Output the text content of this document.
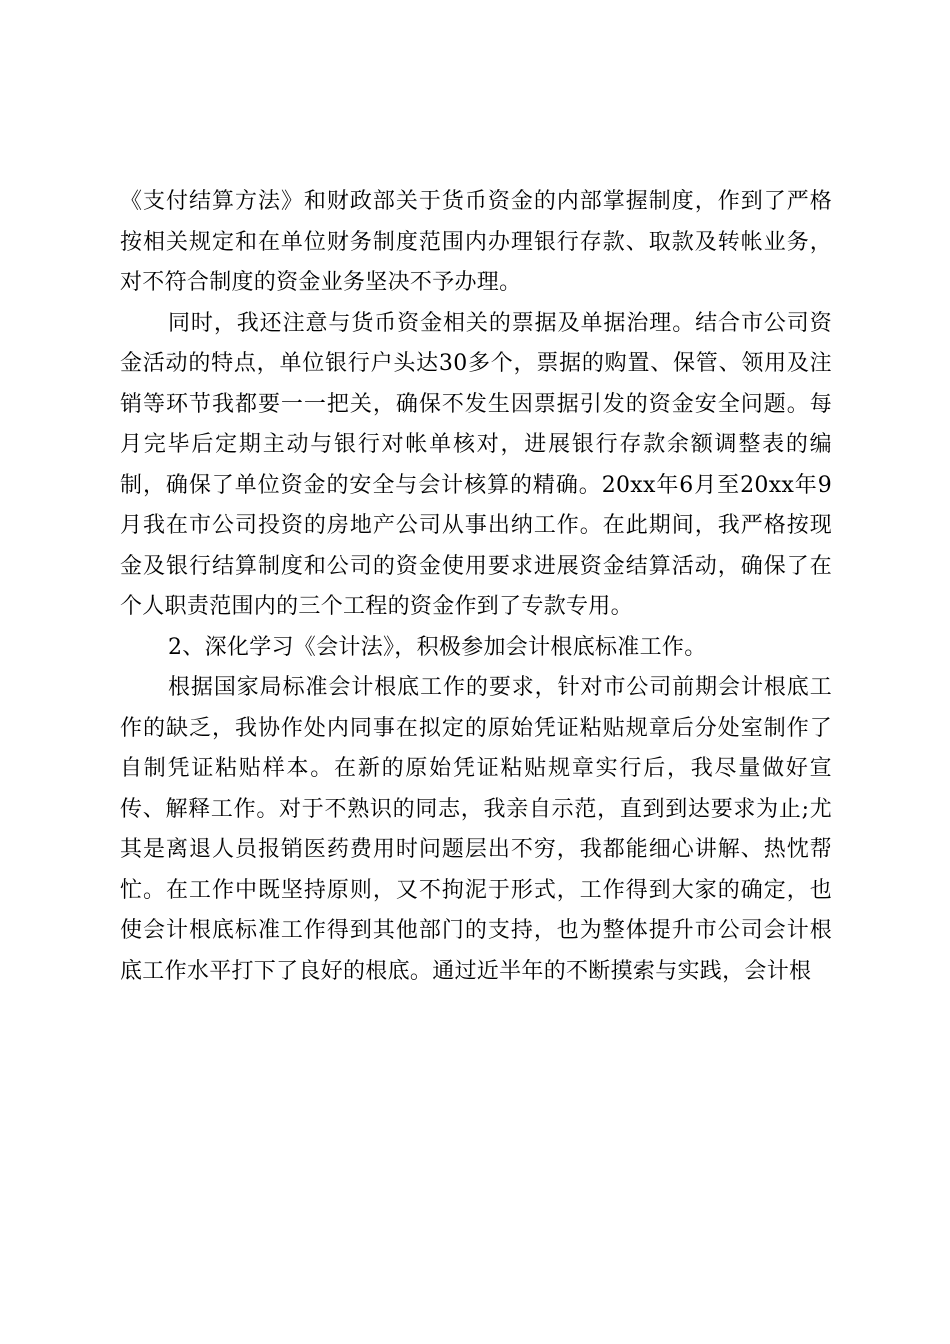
《支付结算方法》和财政部关于货币资金的内部掌握制度，作到了严格按相关规定和在单位财务制度范围内办理银行存款、取款及转帐业务，对不符合制度的资金业务坚决不予办理。

同时，我还注意与货币资金相关的票据及单据治理。结合市公司资金活动的特点，单位银行户头达30多个，票据的购置、保管、领用及注销等环节我都要一一把关，确保不发生因票据引发的资金安全问题。每月完毕后定期主动与银行对帐单核对，进展银行存款余额调整表的编制，确保了单位资金的安全与会计核算的精确。20xx年6月至20xx年9月我在市公司投资的房地产公司从事出纳工作。在此期间，我严格按现金及银行结算制度和公司的资金使用要求进展资金结算活动，确保了在个人职责范围内的三个工程的资金作到了专款专用。

2、深化学习《会计法》，积极参加会计根底标准工作。

根据国家局标准会计根底工作的要求，针对市公司前期会计根底工作的缺乏，我协作处内同事在拟定的原始凭证粘贴规章后分处室制作了自制凭证粘贴样本。在新的原始凭证粘贴规章实行后，我尽量做好宣传、解释工作。对于不熟识的同志，我亲自示范，直到到达要求为止;尤其是离退人员报销医药费用时问题层出不穷，我都能细心讲解、热忱帮忙。在工作中既坚持原则，又不拘泥于形式，工作得到大家的确定，也使会计根底标准工作得到其他部门的支持，也为整体提升市公司会计根底工作水平打下了良好的根底。通过近半年的不断摸索与实践，会计根
